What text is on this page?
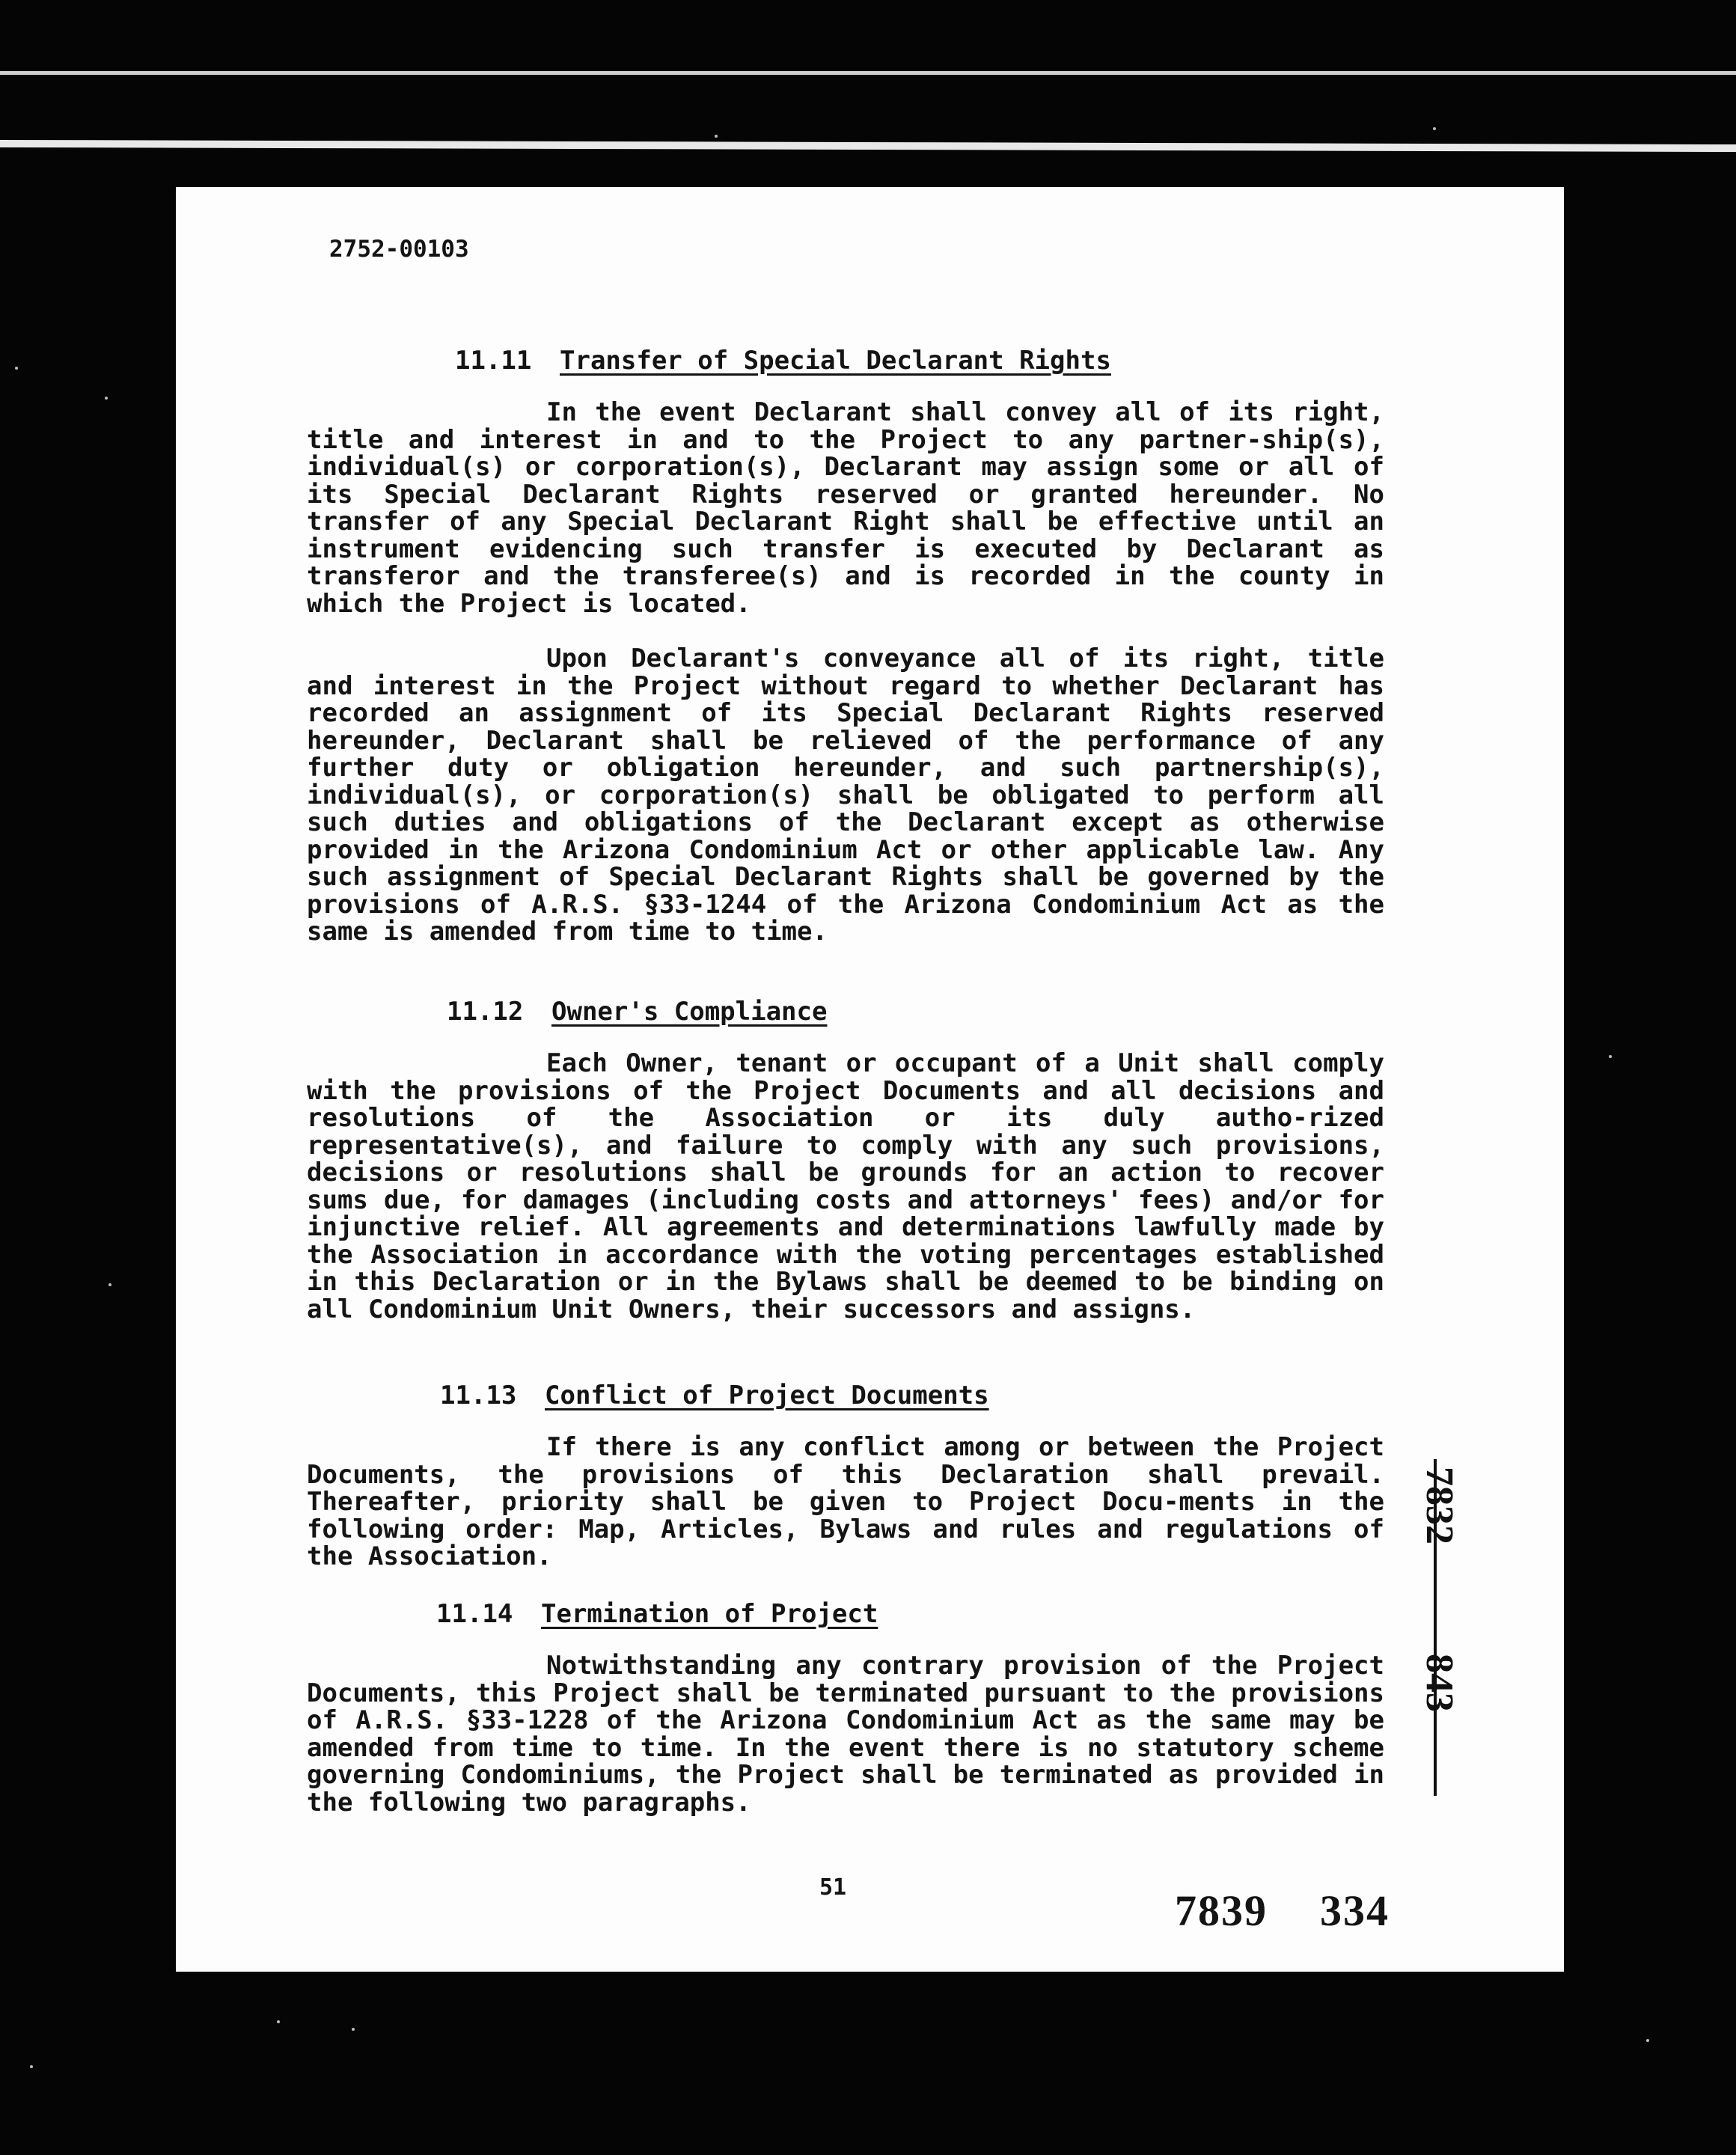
2752-00103
11.11 Transfer of Special Declarant Rights

In the event Declarant shall convey all of its right, title and interest in and to the Project to any partner-ship(s), individual(s) or corporation(s), Declarant may assign some or all of its Special Declarant Rights reserved or granted hereunder. No transfer of any Special Declarant Right shall be effective until an instrument evidencing such transfer is executed by Declarant as transferor and the transferee(s) and is recorded in the county in which the Project is located.

Upon Declarant's conveyance all of its right, title and interest in the Project without regard to whether Declarant has recorded an assignment of its Special Declarant Rights reserved hereunder, Declarant shall be relieved of the performance of any further duty or obligation hereunder, and such partnership(s), individual(s), or corporation(s) shall be obligated to perform all such duties and obligations of the Declarant except as otherwise provided in the Arizona Condominium Act or other applicable law. Any such assignment of Special Declarant Rights shall be governed by the provisions of A.R.S. §33-1244 of the Arizona Condominium Act as the same is amended from time to time.

11.12 Owner's Compliance

Each Owner, tenant or occupant of a Unit shall comply with the provisions of the Project Documents and all decisions and resolutions of the Association or its duly autho-rized representative(s), and failure to comply with any such provisions, decisions or resolutions shall be grounds for an action to recover sums due, for damages (including costs and attorneys' fees) and/or for injunctive relief. All agreements and determinations lawfully made by the Association in accordance with the voting percentages established in this Declaration or in the Bylaws shall be deemed to be binding on all Condominium Unit Owners, their successors and assigns.

11.13 Conflict of Project Documents

If there is any conflict among or between the Project Documents, the provisions of this Declaration shall prevail. Thereafter, priority shall be given to Project Docu-ments in the following order: Map, Articles, Bylaws and rules and regulations of the Association.

11.14 Termination of Project

Notwithstanding any contrary provision of the Project Documents, this Project shall be terminated pursuant to the provisions of A.R.S. §33-1228 of the Arizona Condominium Act as the same may be amended from time to time. In the event there is no statutory scheme governing Condominiums, the Project shall be terminated as provided in the following two paragraphs.

51	7839 334
7832
843
